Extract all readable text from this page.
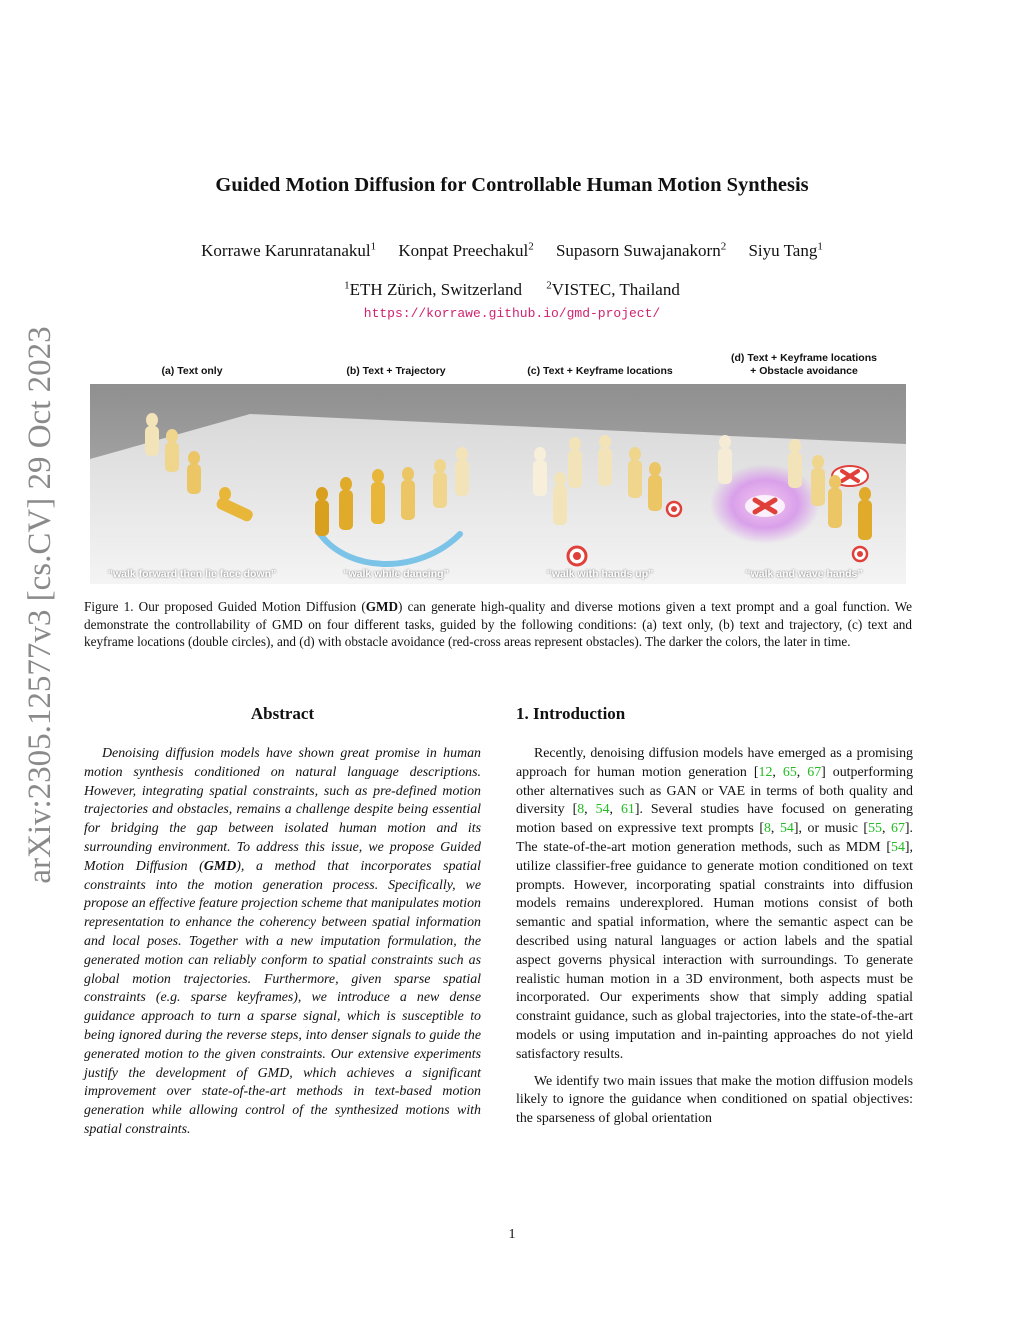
arXiv:2305.12577v3 [cs.CV] 29 Oct 2023
Guided Motion Diffusion for Controllable Human Motion Synthesis
Korrawe Karunratanakul$^1$ Konpat Preechakul$^2$ Supasorn Suwajanakorn$^2$ Siyu Tang$^1$
$^1$ETH Zürich, Switzerland $^2$VISTEC, Thailand
https://korrawe.github.io/gmd-project/
(a) Text only	(b) Text + Trajectory	(c) Text + Keyframe locations
(d) Text + Keyframe locations
+ Obstacle avoidance
“walk forward then lie face down”	“walk while dancing”	“walk with hands up”	“walk and wave hands”
Figure 1. Our proposed Guided Motion Diffusion (GMD) can generate high-quality and diverse motions given a text prompt and a goal function. We demonstrate the controllability of GMD on four different tasks, guided by the following conditions: (a) text only, (b) text and trajectory, (c) text and keyframe locations (double circles), and (d) with obstacle avoidance (red-cross areas represent obstacles). The darker the colors, the later in time.
Abstract
Denoising diffusion models have shown great promise in human motion synthesis conditioned on natural language descriptions. However, integrating spatial constraints, such as pre-defined motion trajectories and obstacles, remains a challenge despite being essential for bridging the gap between isolated human motion and its surrounding environment. To address this issue, we propose Guided Motion Diffusion (GMD), a method that incorporates spatial constraints into the motion generation process. Specifically, we propose an effective feature projection scheme that manipulates motion representation to enhance the coherency between spatial information and local poses. Together with a new imputation formulation, the generated motion can reliably conform to spatial constraints such as global motion trajectories. Furthermore, given sparse spatial constraints (e.g. sparse keyframes), we introduce a new dense guidance approach to turn a sparse signal, which is susceptible to being ignored during the reverse steps, into denser signals to guide the generated motion to the given constraints. Our extensive experiments justify the development of GMD, which achieves a significant improvement over state-of-the-art methods in text-based motion generation while allowing control of the synthesized motions with spatial constraints.
1. Introduction

Recently, denoising diffusion models have emerged as a promising approach for human motion generation [12, 65, 67] outperforming other alternatives such as GAN or VAE in terms of both quality and diversity [8, 54, 61]. Several studies have focused on generating motion based on expressive text prompts [8, 54], or music [55, 67]. The state-of-the-art motion generation methods, such as MDM [54], utilize classifier-free guidance to generate motion conditioned on text prompts. However, incorporating spatial constraints into diffusion models remains underexplored. Human motions consist of both semantic and spatial information, where the semantic aspect can be described using natural languages or action labels and the spatial aspect governs physical interaction with surroundings. To generate realistic human motion in a 3D environment, both aspects must be incorporated. Our experiments show that simply adding spatial constraint guidance, such as global trajectories, into the state-of-the-art models or using imputation and in-painting approaches do not yield satisfactory results.

We identify two main issues that make the motion diffusion models likely to ignore the guidance when conditioned on spatial objectives: the sparseness of global orientation

1
